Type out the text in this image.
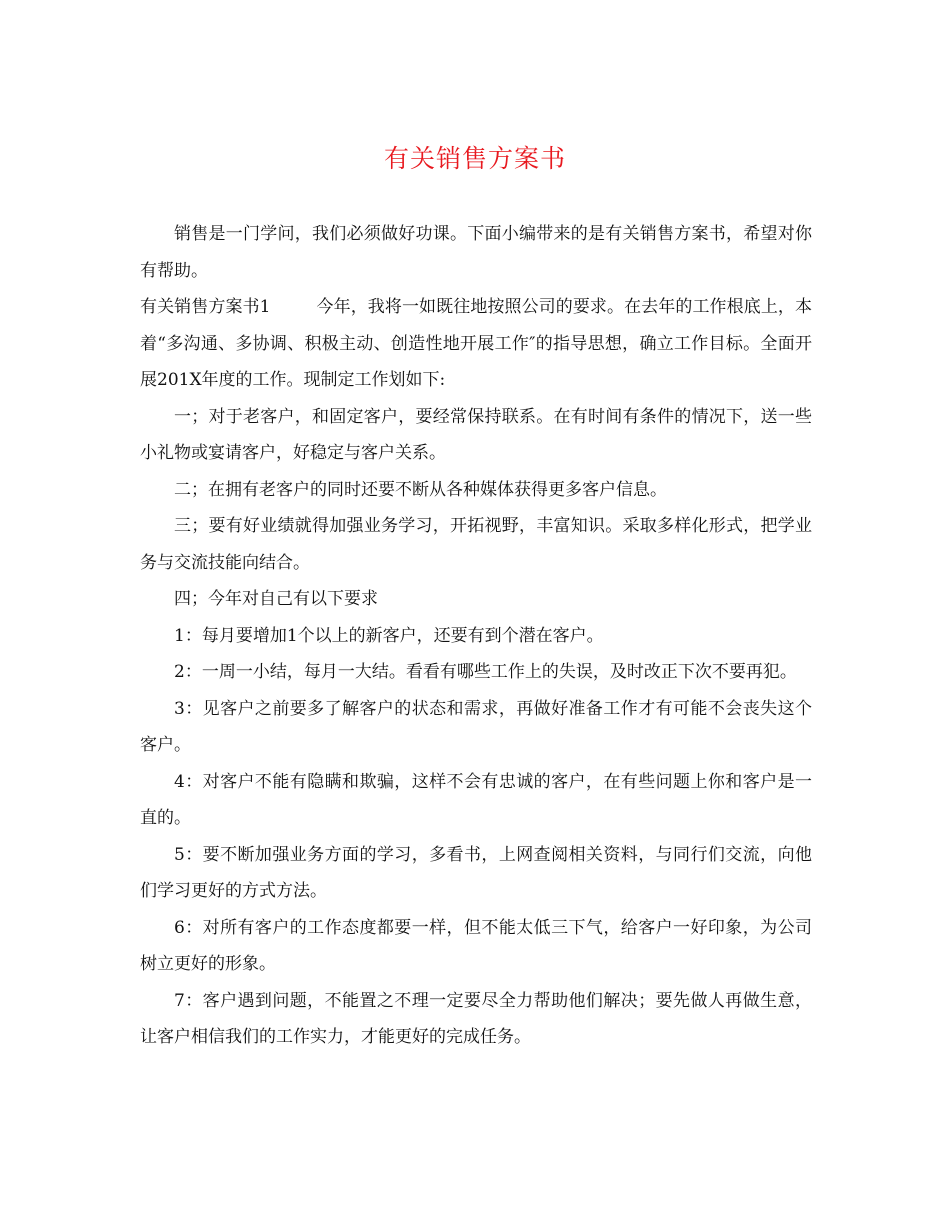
有关销售方案书

销售是一门学问，我们必须做好功课。下面小编带来的是有关销售方案书，希望对你有帮助。

有关销售方案书1	今年，我将一如既往地按照公司的要求。在去年的工作根底上，本着“多沟通、多协调、积极主动、创造性地开展工作″的指导思想，确立工作目标。全面开展201X年度的工作。现制定工作划如下:

一；对于老客户，和固定客户，要经常保持联系。在有时间有条件的情况下，送一些小礼物或宴请客户，好稳定与客户关系。

二；在拥有老客户的同时还要不断从各种媒体获得更多客户信息。

三；要有好业绩就得加强业务学习，开拓视野，丰富知识。采取多样化形式，把学业务与交流技能向结合。

四；今年对自己有以下要求

1：每月要增加1个以上的新客户，还要有到个潜在客户。

2：一周一小结，每月一大结。看看有哪些工作上的失误，及时改正下次不要再犯。

3：见客户之前要多了解客户的状态和需求，再做好准备工作才有可能不会丧失这个客户。

4：对客户不能有隐瞒和欺骗，这样不会有忠诚的客户，在有些问题上你和客户是一直的。

5：要不断加强业务方面的学习，多看书，上网查阅相关资料，与同行们交流，向他们学习更好的方式方法。

6：对所有客户的工作态度都要一样，但不能太低三下气，给客户一好印象，为公司树立更好的形象。

7：客户遇到问题，不能置之不理一定要尽全力帮助他们解决；要先做人再做生意，让客户相信我们的工作实力，才能更好的完成任务。
